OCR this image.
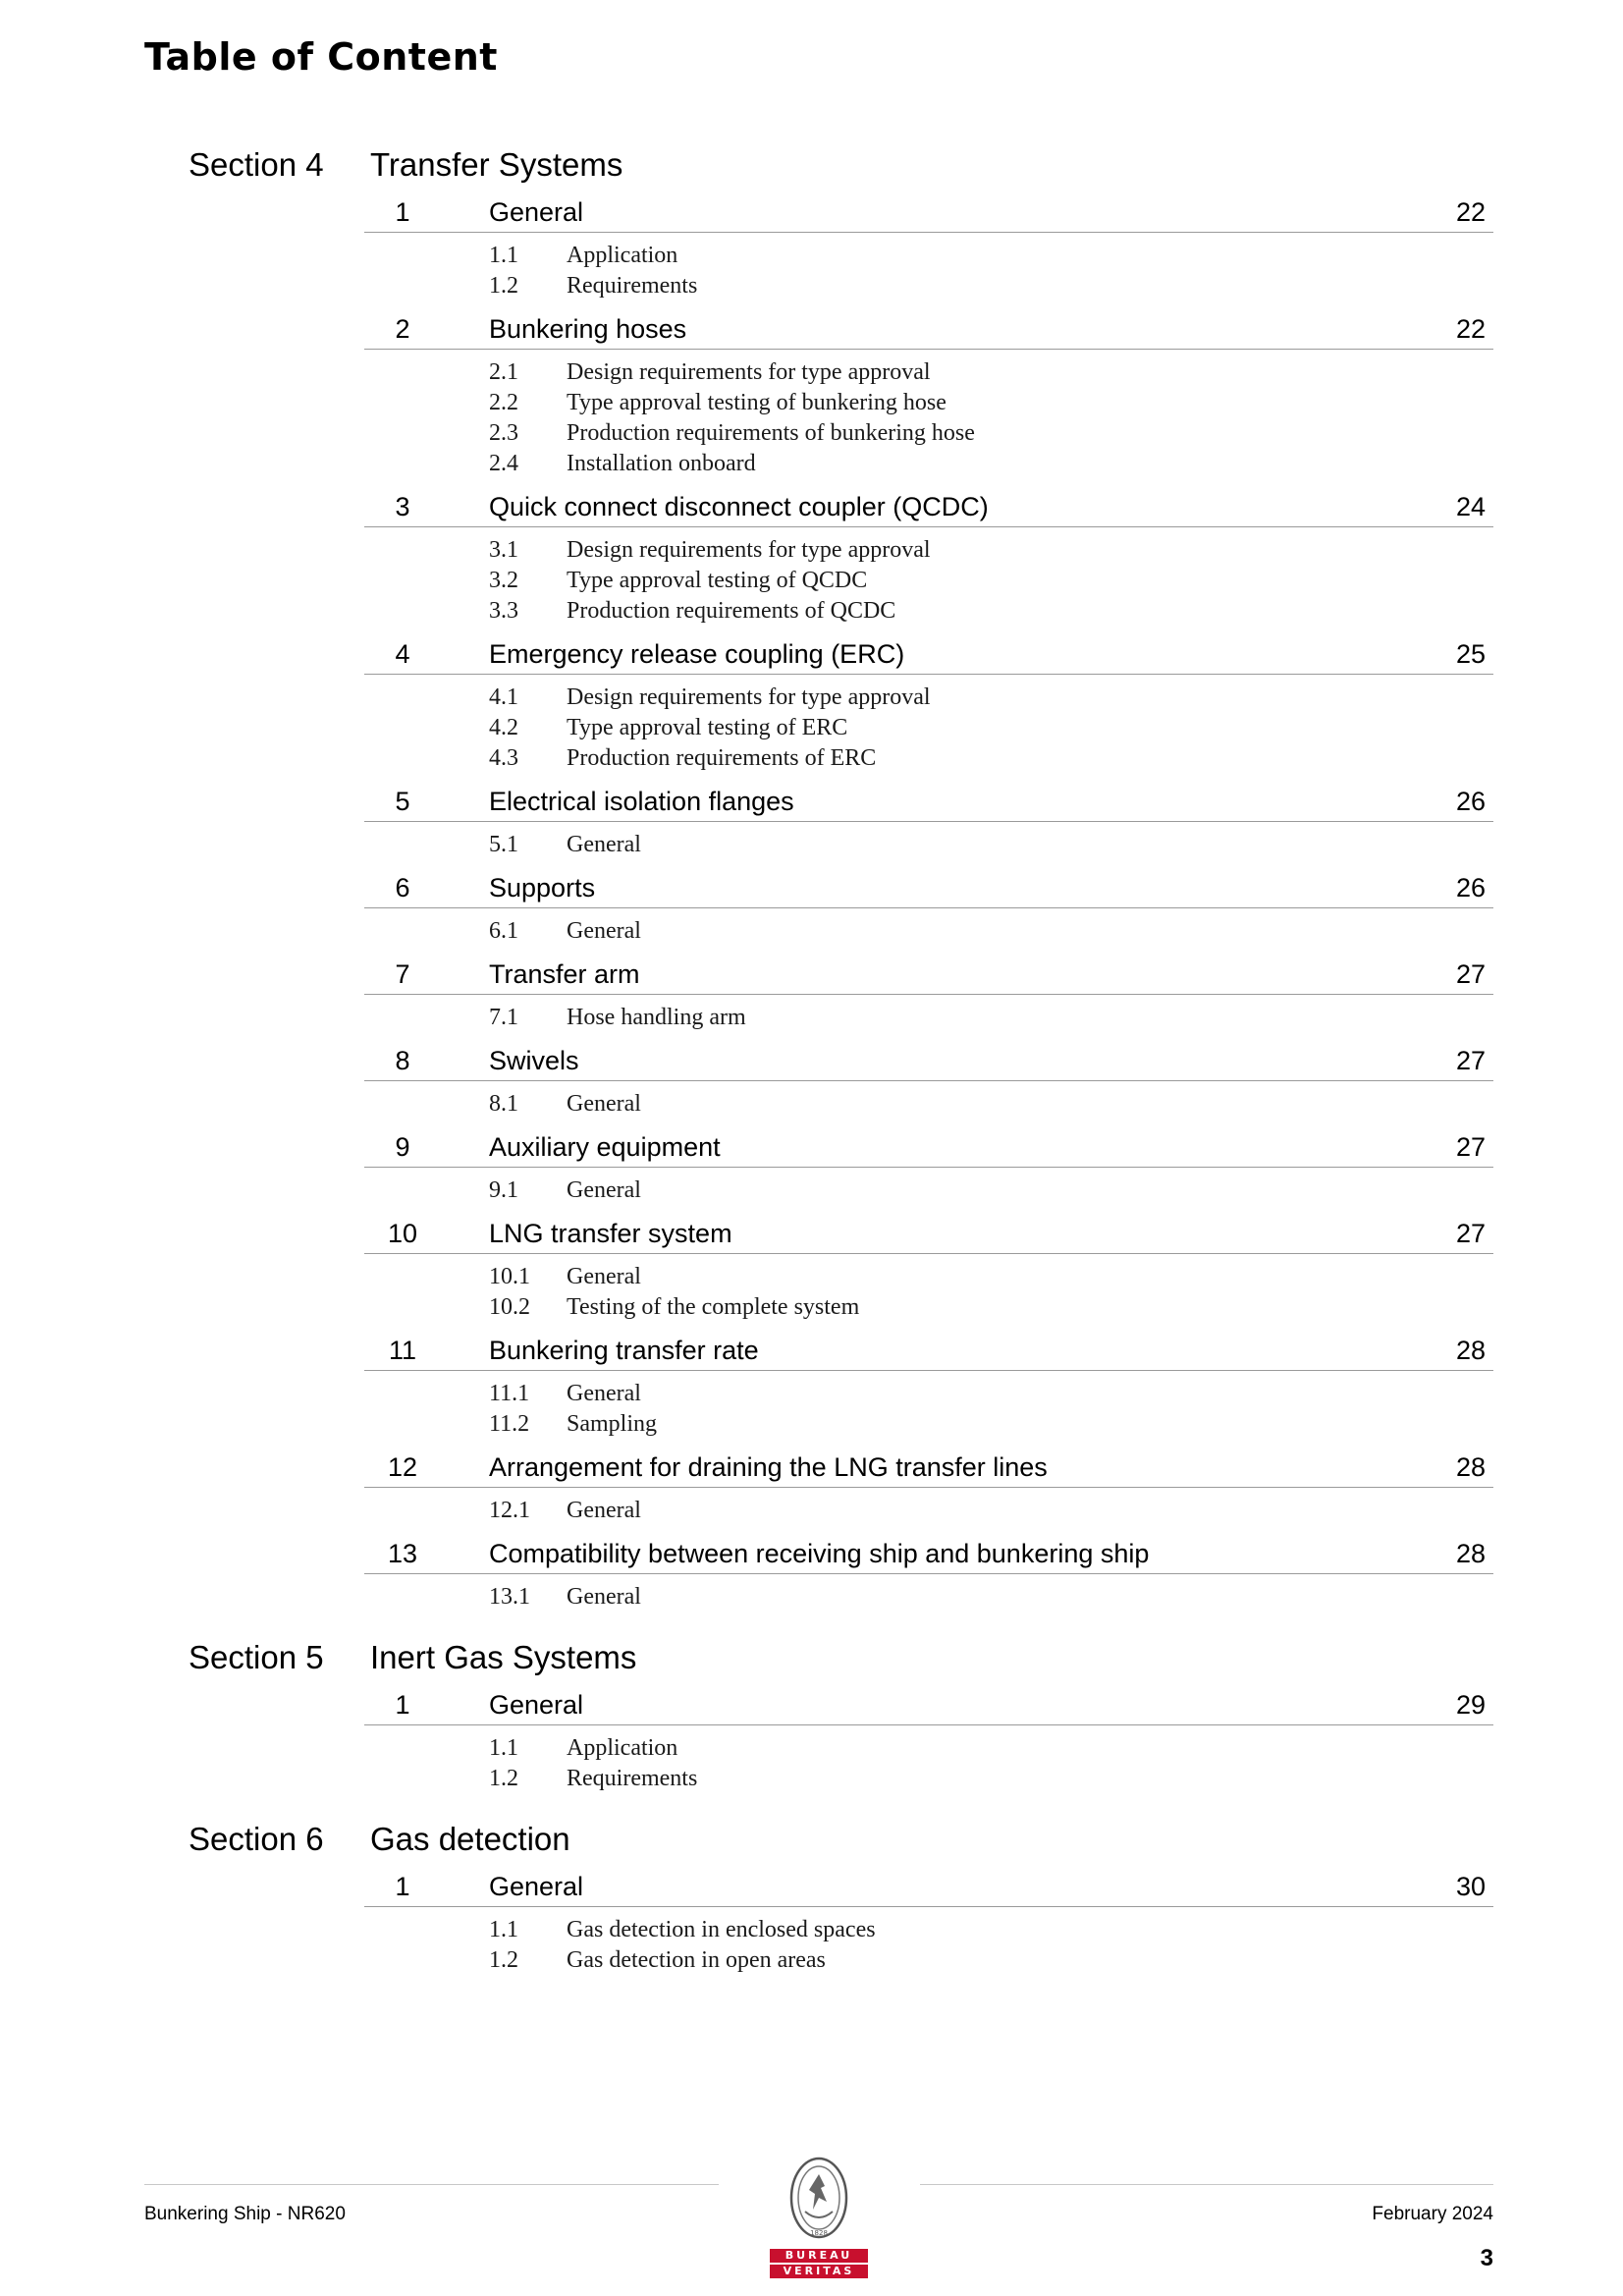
Table of Content
Section 4 Transfer Systems
1	General	22
1.1 Application
1.2 Requirements
2	Bunkering hoses	22
2.1 Design requirements for type approval
2.2 Type approval testing of bunkering hose
2.3 Production requirements of bunkering hose
2.4 Installation onboard
3	Quick connect disconnect coupler (QCDC)	24
3.1 Design requirements for type approval
3.2 Type approval testing of QCDC
3.3 Production requirements of QCDC
4	Emergency release coupling (ERC)	25
4.1 Design requirements for type approval
4.2 Type approval testing of ERC
4.3 Production requirements of ERC
5	Electrical isolation flanges	26
5.1 General
6	Supports	26
6.1 General
7	Transfer arm	27
7.1 Hose handling arm
8	Swivels	27
8.1 General
9	Auxiliary equipment	27
9.1 General
10	LNG transfer system	27
10.1 General
10.2 Testing of the complete system
11	Bunkering transfer rate	28
11.1 General
11.2 Sampling
12	Arrangement for draining the LNG transfer lines	28
12.1 General
13	Compatibility between receiving ship and bunkering ship	28
13.1 General
Section 5 Inert Gas Systems
1	General	29
1.1 Application
1.2 Requirements
Section 6 Gas detection
1	General	30
1.1 Gas detection in enclosed spaces
1.2 Gas detection in open areas
1828
BUREAU
VERITAS
Bunkering Ship - NR620	February 2024
3
